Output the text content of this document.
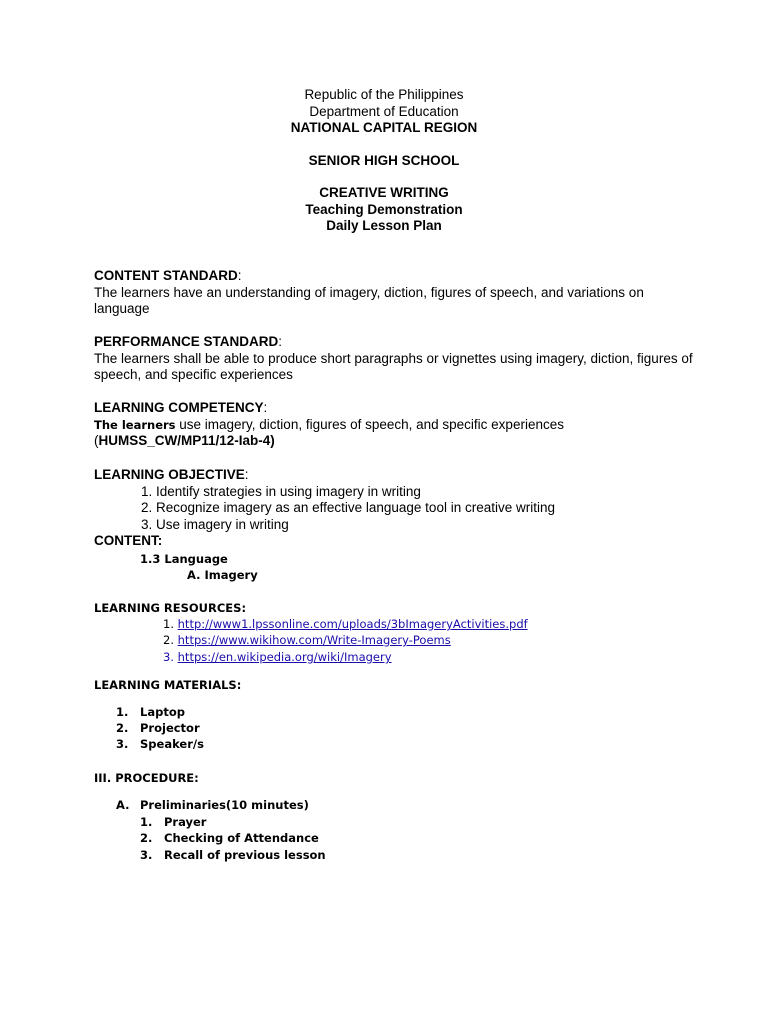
Republic of the Philippines
Department of Education
NATIONAL CAPITAL REGION
SENIOR HIGH SCHOOL
CREATIVE WRITING
Teaching Demonstration
Daily Lesson Plan
CONTENT STANDARD:
The learners have an understanding of imagery, diction, figures of speech, and variations on language
PERFORMANCE STANDARD:
The learners shall be able to produce short paragraphs or vignettes using imagery, diction, figures of speech, and specific experiences
LEARNING COMPETENCY:
The learners use imagery, diction, figures of speech, and specific experiences
(HUMSS_CW/MP11/12-Iab-4)
LEARNING OBJECTIVE:
1. Identify strategies in using imagery in writing
2. Recognize imagery as an effective language tool in creative writing
3. Use imagery in writing
CONTENT:
1.3 Language
A. Imagery
LEARNING RESOURCES:
1. http://www1.lpssonline.com/uploads/3bImageryActivities.pdf
2. https://www.wikihow.com/Write-Imagery-Poems
3. https://en.wikipedia.org/wiki/Imagery
LEARNING MATERIALS:
1. Laptop
2. Projector
3. Speaker/s
III. PROCEDURE:
A. Preliminaries(10 minutes)
1. Prayer
2. Checking of Attendance
3. Recall of previous lesson
